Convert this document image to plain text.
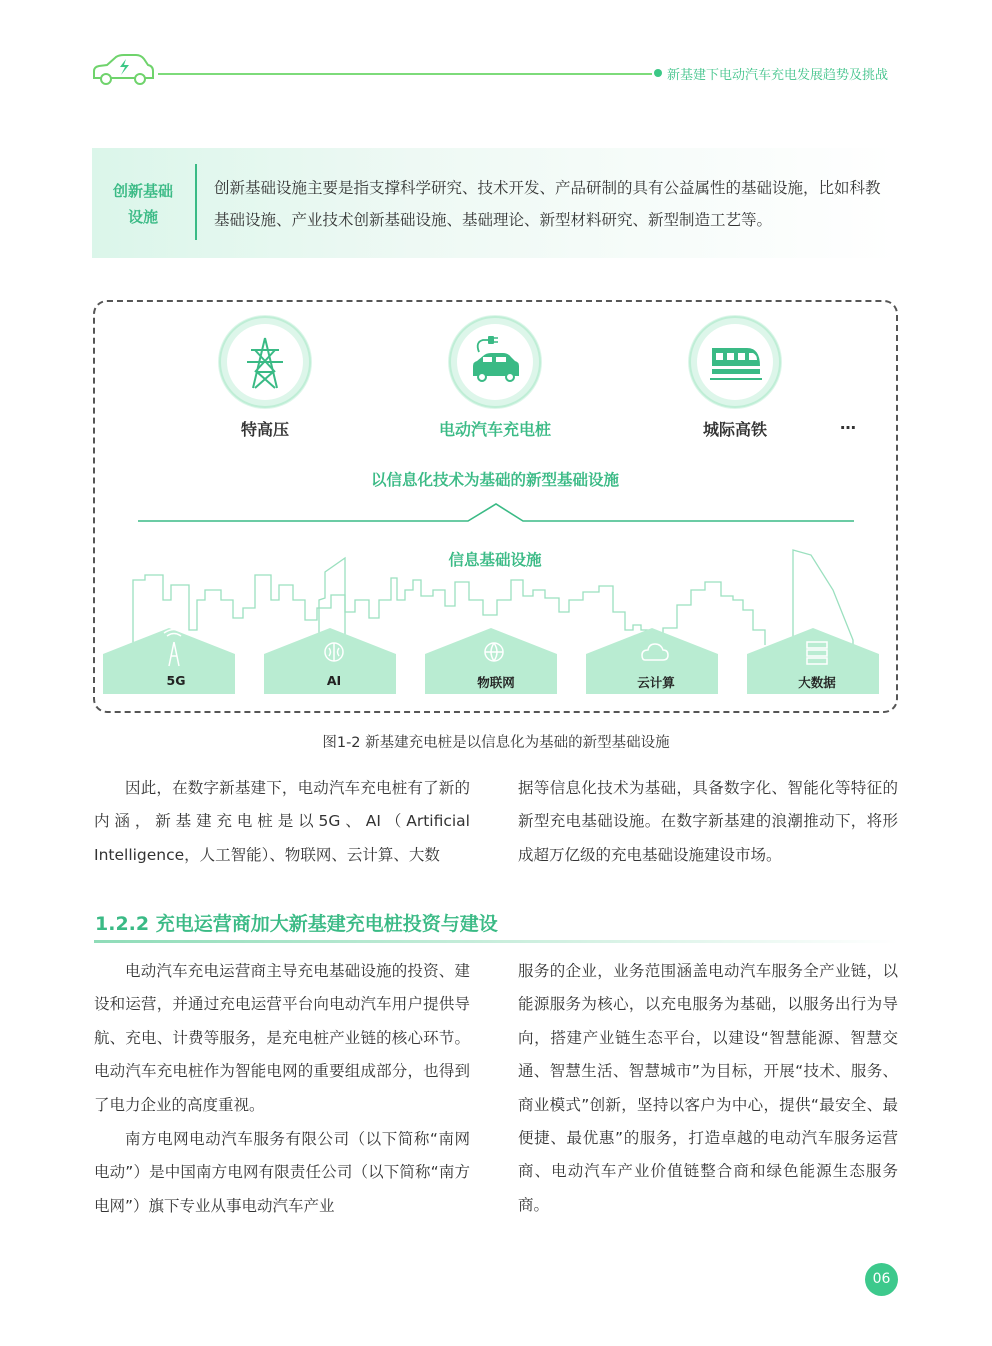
新基建下电动汽车充电发展趋势及挑战
创新基础设施
创新基础设施主要是指支撑科学研究、技术开发、产品研制的具有公益属性的基础设施，比如科教基础设施、产业技术创新基础设施、基础理论、新型材料研究、新型制造工艺等。
特高压	电动汽车充电桩	城际高铁	…
以信息化技术为基础的新型基础设施
信息基础设施
5G	AI	物联网	云计算	大数据
图1-2 新基建充电桩是以信息化为基础的新型基础设施

因此，在数字新基建下，电动汽车充电桩有了新的内涵，新基建充电桩是以5G、AI（Artificial Intelligence，人工智能）、物联网、云计算、大数

据等信息化技术为基础，具备数字化、智能化等特征的新型充电基础设施。在数字新基建的浪潮推动下，将形成超万亿级的充电基础设施建设市场。

1.2.2 充电运营商加大新基建充电桩投资与建设

电动汽车充电运营商主导充电基础设施的投资、建设和运营，并通过充电运营平台向电动汽车用户提供导航、充电、计费等服务，是充电桩产业链的核心环节。电动汽车充电桩作为智能电网的重要组成部分，也得到了电力企业的高度重视。

南方电网电动汽车服务有限公司（以下简称“南网电动”）是中国南方电网有限责任公司（以下简称“南方电网”）旗下专业从事电动汽车产业

服务的企业，业务范围涵盖电动汽车服务全产业链，以能源服务为核心，以充电服务为基础，以服务出行为导向，搭建产业链生态平台，以建设“智慧能源、智慧交通、智慧生活、智慧城市”为目标，开展“技术、服务、商业模式”创新，坚持以客户为中心，提供“最安全、最便捷、最优惠”的服务，打造卓越的电动汽车服务运营商、电动汽车产业价值链整合商和绿色能源生态服务商。

06
